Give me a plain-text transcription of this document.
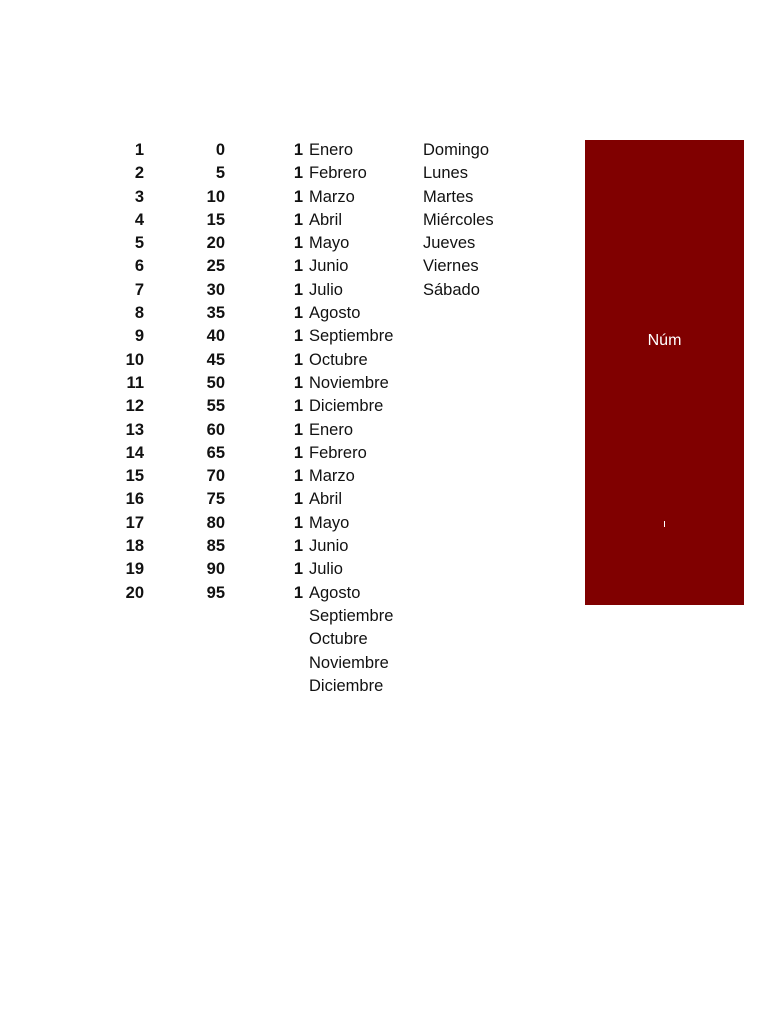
1
2
3
4
5
6
7
8
9
10
11
12
13
14
15
16
17
18
19
20
0
5
10
15
20
25
30
35
40
45
50
55
60
65
70
75
80
85
90
95
1
1
1
1
1
1
1
1
1
1
1
1
1
1
1
1
1
1
1
1
Enero
Febrero
Marzo
Abril
Mayo
Junio
Julio
Agosto
Septiembre
Octubre
Noviembre
Diciembre
Enero
Febrero
Marzo
Abril
Mayo
Junio
Julio
Agosto
Septiembre
Octubre
Noviembre
Diciembre
Domingo
Lunes
Martes
Miércoles
Jueves
Viernes
Sábado
Núm
